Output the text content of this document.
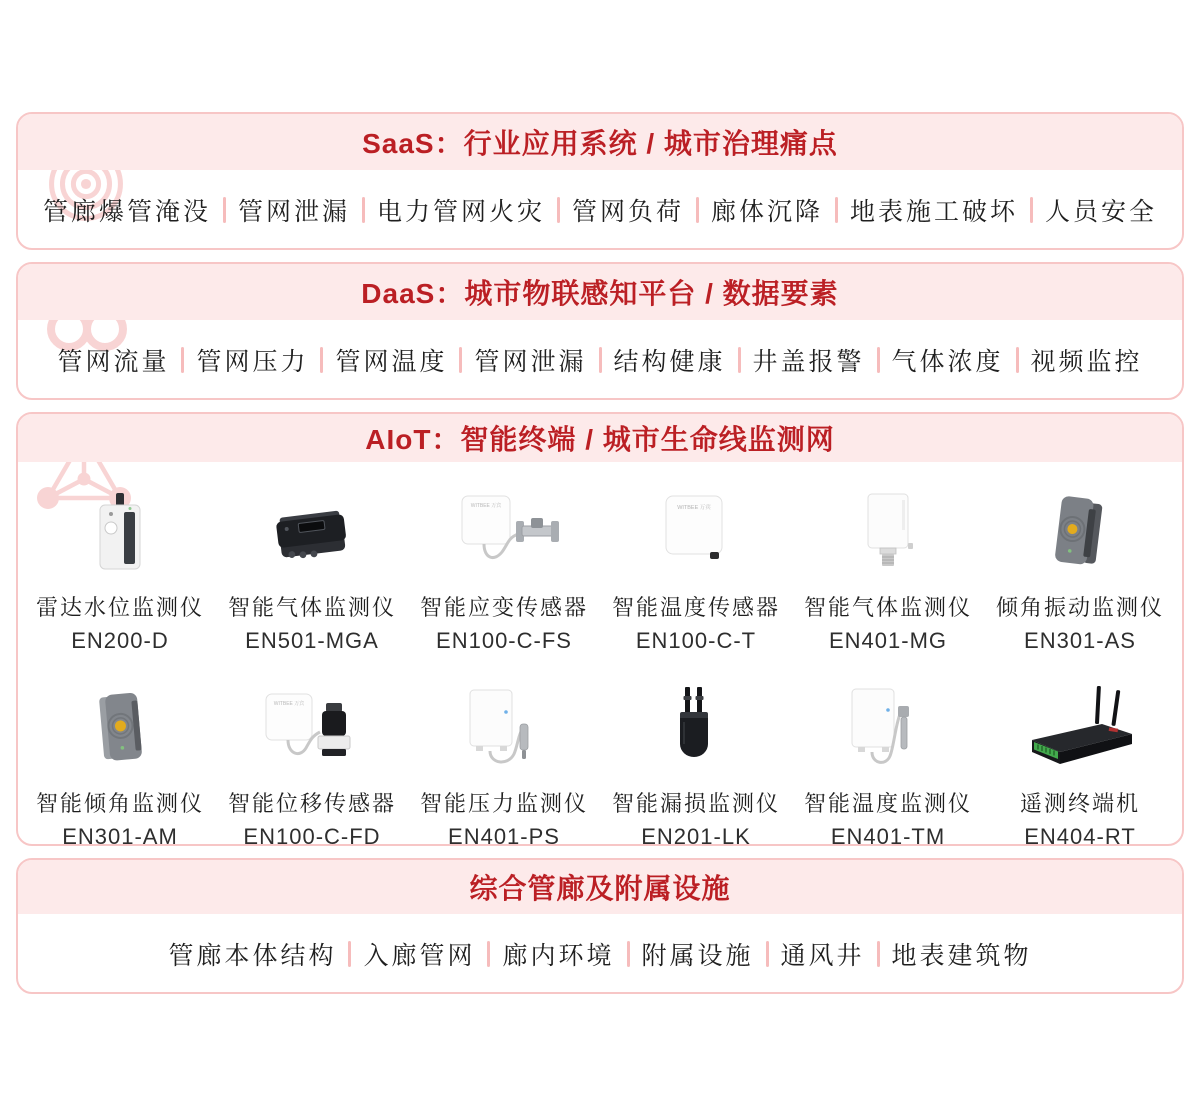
SaaS：行业应用系统 / 城市治理痛点
管廊爆管淹没 管网泄漏 电力管网火灾 管网负荷 廊体沉降 地表施工破坏 人员安全
DaaS：城市物联感知平台 / 数据要素
管网流量 管网压力 管网温度 管网泄漏 结构健康 井盖报警 气体浓度 视频监控
AIoT：智能终端 / 城市生命线监测网
雷达水位监测仪
EN200-D
智能气体监测仪
EN501-MGA
WITBEE 万宾
智能应变传感器
EN100-C-FS
WITBEE 万宾
智能温度传感器
EN100-C-T
智能气体监测仪
EN401-MG
倾角振动监测仪
EN301-AS
智能倾角监测仪
EN301-AM
WITBEE 万宾
智能位移传感器
EN100-C-FD
智能压力监测仪
EN401-PS
智能漏损监测仪
EN201-LK
智能温度监测仪
EN401-TM
遥测终端机
EN404-RT
综合管廊及附属设施
管廊本体结构 入廊管网 廊内环境 附属设施 通风井 地表建筑物
